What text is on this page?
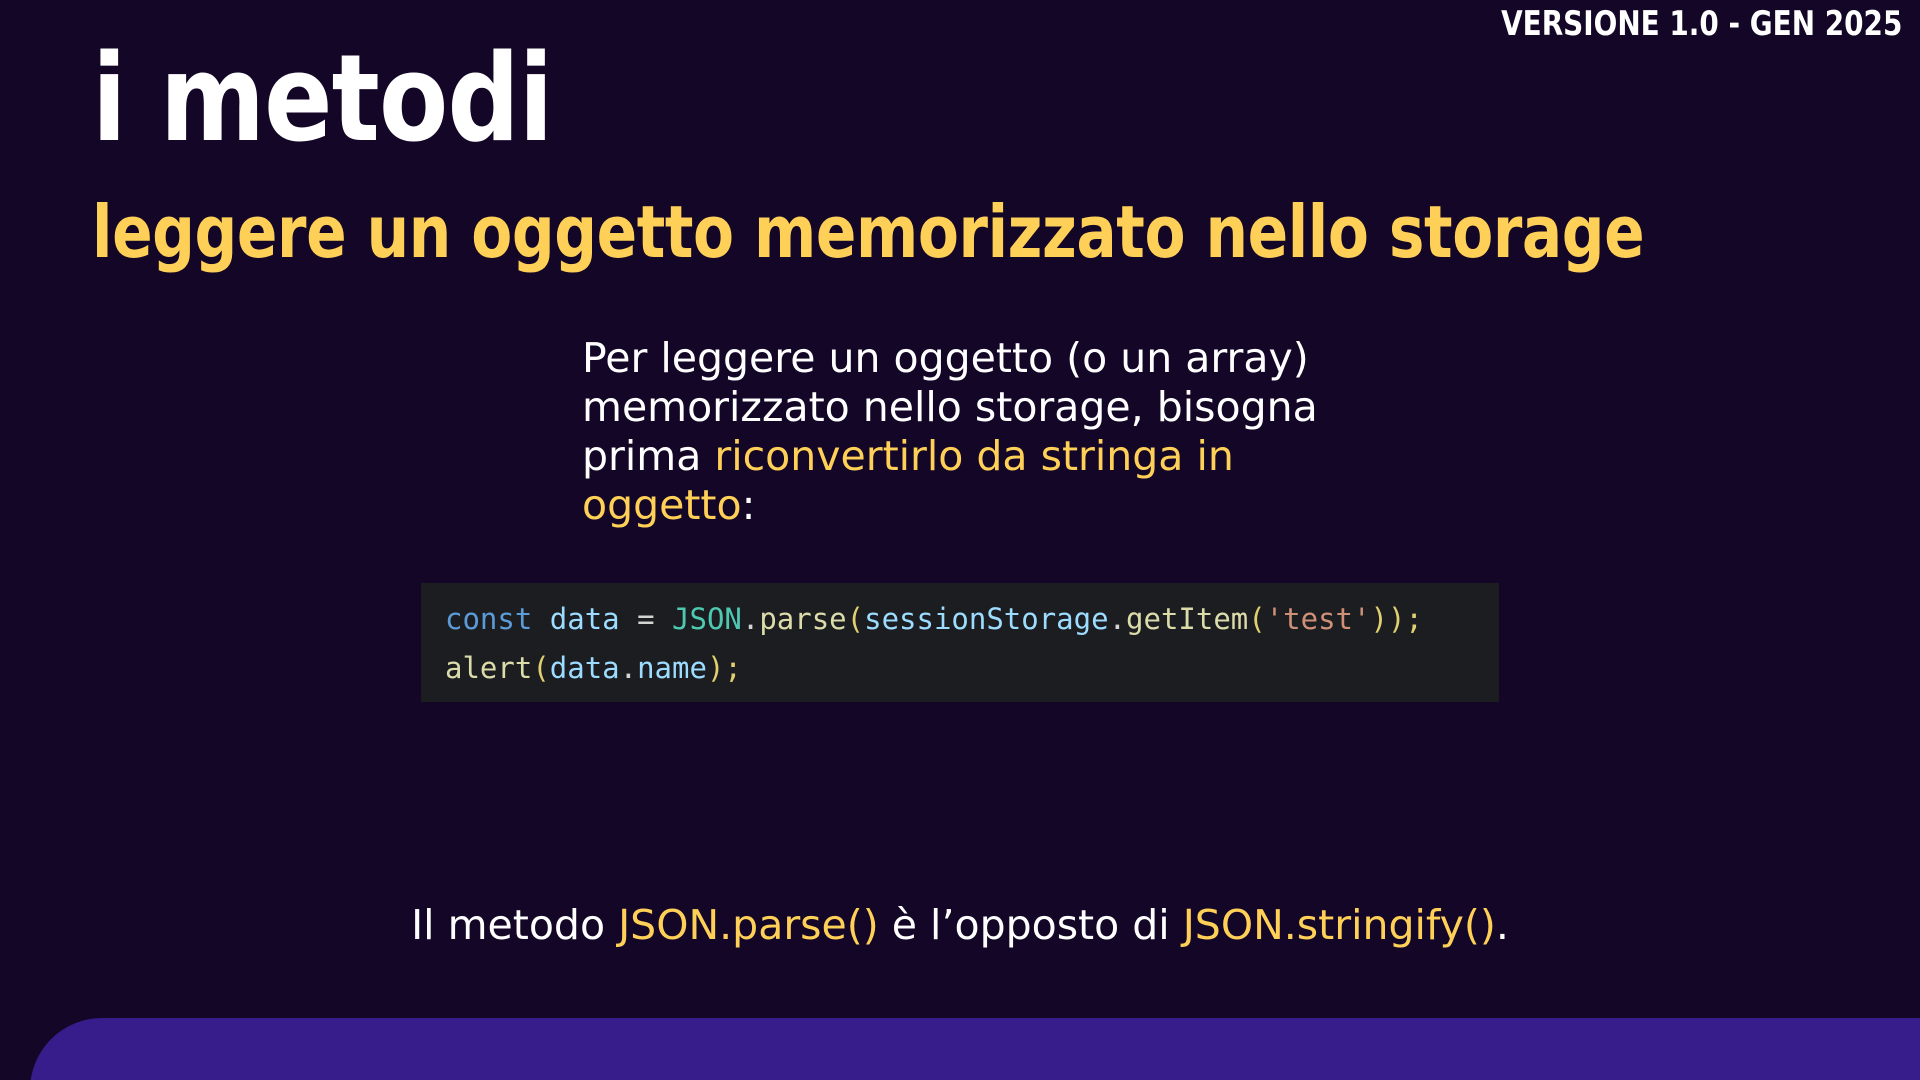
VERSIONE 1.0 - GEN 2025
i metodi
leggere un oggetto memorizzato nello storage
Per leggere un oggetto (o un array) memorizzato nello storage, bisogna prima riconvertirlo da stringa in oggetto:
const data = JSON.parse(sessionStorage.getItem('test'));
alert(data.name);
Il metodo JSON.parse() è l’opposto di JSON.stringify().
